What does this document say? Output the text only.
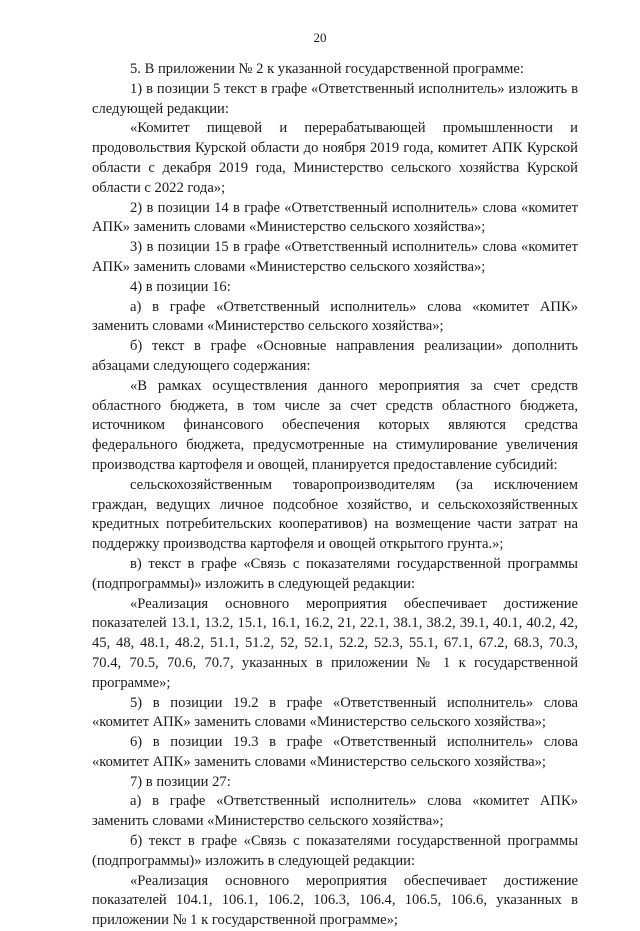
20

5. В приложении № 2 к указанной государственной программе:

1) в позиции 5 текст в графе «Ответственный исполнитель» изложить в следующей редакции:

«Комитет пищевой и перерабатывающей промышленности и продовольствия Курской области до ноября 2019 года, комитет АПК Курской области с декабря 2019 года, Министерство сельского хозяйства Курской области с 2022 года»;

2) в позиции 14 в графе «Ответственный исполнитель» слова «комитет АПК» заменить словами «Министерство сельского хозяйства»;

3) в позиции 15 в графе «Ответственный исполнитель» слова «комитет АПК» заменить словами «Министерство сельского хозяйства»;

4) в позиции 16:

а) в графе «Ответственный исполнитель» слова «комитет АПК» заменить словами «Министерство сельского хозяйства»;

б) текст в графе «Основные направления реализации» дополнить абзацами следующего содержания:

«В рамках осуществления данного мероприятия за счет средств областного бюджета, в том числе за счет средств областного бюджета, источником финансового обеспечения которых являются средства федерального бюджета, предусмотренные на стимулирование увеличения производства картофеля и овощей, планируется предоставление субсидий:

сельскохозяйственным товаропроизводителям (за исключением граждан, ведущих личное подсобное хозяйство, и сельскохозяйственных кредитных потребительских кооперативов) на возмещение части затрат на поддержку производства картофеля и овощей открытого грунта.»;

в) текст в графе «Связь с показателями государственной программы (подпрограммы)» изложить в следующей редакции:

«Реализация основного мероприятия обеспечивает достижение показателей 13.1, 13.2, 15.1, 16.1, 16.2, 21, 22.1, 38.1, 38.2, 39.1, 40.1, 40.2, 42, 45, 48, 48.1, 48.2, 51.1, 51.2, 52, 52.1, 52.2, 52.3, 55.1, 67.1, 67.2, 68.3, 70.3, 70.4, 70.5, 70.6, 70.7, указанных в приложении № 1 к государственной программе»;

5) в позиции 19.2 в графе «Ответственный исполнитель» слова «комитет АПК» заменить словами «Министерство сельского хозяйства»;

6) в позиции 19.3 в графе «Ответственный исполнитель» слова «комитет АПК» заменить словами «Министерство сельского хозяйства»;

7) в позиции 27:

а) в графе «Ответственный исполнитель» слова «комитет АПК» заменить словами «Министерство сельского хозяйства»;

б) текст в графе «Связь с показателями государственной программы (подпрограммы)» изложить в следующей редакции:

«Реализация основного мероприятия обеспечивает достижение показателей 104.1, 106.1, 106.2, 106.3, 106.4, 106.5, 106.6, указанных в приложении № 1 к государственной программе»;
